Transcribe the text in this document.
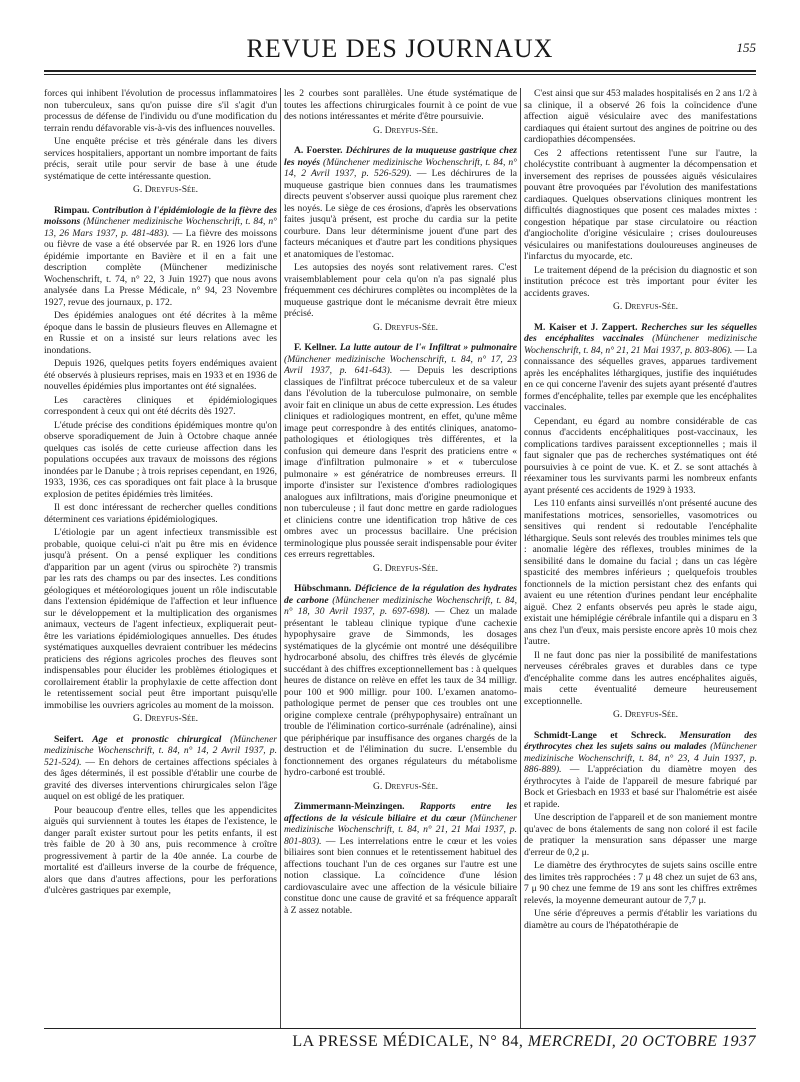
REVUE DES JOURNAUX	155

forces qui inhibent l'évolution de processus inflammatoires non tuberculeux, sans qu'on puisse dire s'il s'agit d'un processus de défense de l'individu ou d'une modification du terrain rendu défavorable vis-à-vis des influences nouvelles.

Une enquête précise et très générale dans les divers services hospitaliers, apportant un nombre important de faits précis, serait utile pour servir de base à une étude systématique de cette intéressante question.

G. Dreyfus-Sée.

Rimpau. Contribution à l'épidémiologie de la fièvre des moissons (Münchener medizinische Wochenschrift, t. 84, n° 13, 26 Mars 1937, p. 481-483). — La fièvre des moissons ou fièvre de vase a été observée par R. en 1926 lors d'une épidémie importante en Bavière et il en a fait une description complète (Münchener medizinische Wochenschrift, t. 74, n° 22, 3 Juin 1927) que nous avons analysée dans La Presse Médicale, n° 94, 23 Novembre 1927, revue des journaux, p. 172.

Des épidémies analogues ont été décrites à la même époque dans le bassin de plusieurs fleuves en Allemagne et en Russie et on a insisté sur leurs relations avec les inondations.

Depuis 1926, quelques petits foyers endémiques avaient été observés à plusieurs reprises, mais en 1933 et en 1936 de nouvelles épidémies plus importantes ont été signalées.

Les caractères cliniques et épidémiologiques correspondent à ceux qui ont été décrits dès 1927.

L'étude précise des conditions épidémiques montre qu'on observe sporadiquement de Juin à Octobre chaque année quelques cas isolés de cette curieuse affection dans les populations occupées aux travaux de moissons des régions inondées par le Danube ; à trois reprises cependant, en 1926, 1933, 1936, ces cas sporadiques ont fait place à la brusque explosion de petites épidémies très limitées.

Il est donc intéressant de rechercher quelles conditions déterminent ces variations épidémiologiques.

L'étiologie par un agent infectieux transmissible est probable, quoique celui-ci n'ait pu être mis en évidence jusqu'à présent. On a pensé expliquer les conditions d'apparition par un agent (virus ou spirochète ?) transmis par les rats des champs ou par des insectes. Les conditions géologiques et météorologiques jouent un rôle indiscutable dans l'extension épidémique de l'affection et leur influence sur le développement et la multiplication des organismes animaux, vecteurs de l'agent infectieux, expliquerait peut-être les variations épidémiologiques annuelles. Des études systématiques auxquelles devraient contribuer les médecins praticiens des régions agricoles proches des fleuves sont indispensables pour élucider les problèmes étiologiques et corollairement établir la prophylaxie de cette affection dont le retentissement social peut être important puisqu'elle immobilise les ouvriers agricoles au moment de la moisson.

G. Dreyfus-Sée.

Seifert. Age et pronostic chirurgical (Münchener medizinische Wochenschrift, t. 84, n° 14, 2 Avril 1937, p. 521-524). — En dehors de certaines affections spéciales à des âges déterminés, il est possible d'établir une courbe de gravité des diverses interventions chirurgicales selon l'âge auquel on est obligé de les pratiquer.

Pour beaucoup d'entre elles, telles que les appendicites aiguës qui surviennent à toutes les étapes de l'existence, le danger paraît exister surtout pour les petits enfants, il est très faible de 20 à 30 ans, puis recommence à croître progressivement à partir de la 40e année. La courbe de mortalité est d'ailleurs inverse de la courbe de fréquence, alors que dans d'autres affections, pour les perforations d'ulcères gastriques par exemple,

les 2 courbes sont parallèles. Une étude systématique de toutes les affections chirurgicales fournit à ce point de vue des notions intéressantes et mérite d'être poursuivie.

G. Dreyfus-Sée.

A. Foerster. Déchirures de la muqueuse gastrique chez les noyés (Münchener medizinische Wochenschrift, t. 84, n° 14, 2 Avril 1937, p. 526-529). — Les déchirures de la muqueuse gastrique bien connues dans les traumatismes directs peuvent s'observer aussi quoique plus rarement chez les noyés. Le siège de ces érosions, d'après les observations faites jusqu'à présent, est proche du cardia sur la petite courbure. Dans leur déterminisme jouent d'une part des facteurs mécaniques et d'autre part les conditions physiques et anatomiques de l'estomac.

Les autopsies des noyés sont relativement rares. C'est vraisemblablement pour cela qu'on n'a pas signalé plus fréquemment ces déchirures complètes ou incomplètes de la muqueuse gastrique dont le mécanisme devrait être mieux précisé.

G. Dreyfus-Sée.

F. Kellner. La lutte autour de l'« Infiltrat » pulmonaire (Münchener medizinische Wochenschrift, t. 84, n° 17, 23 Avril 1937, p. 641-643). — Depuis les descriptions classiques de l'infiltrat précoce tuberculeux et de sa valeur dans l'évolution de la tuberculose pulmonaire, on semble avoir fait en clinique un abus de cette expression. Les études cliniques et radiologiques montrent, en effet, qu'une même image peut correspondre à des entités cliniques, anatomo-pathologiques et étiologiques très différentes, et la confusion qui demeure dans l'esprit des praticiens entre « image d'infiltration pulmonaire » et « tuberculose pulmonaire » est génératrice de nombreuses erreurs. Il importe d'insister sur l'existence d'ombres radiologiques analogues aux infiltrations, mais d'origine pneumonique et non tuberculeuse ; il faut donc mettre en garde radiologues et cliniciens contre une identification trop hâtive de ces ombres avec un processus bacillaire. Une précision terminologique plus poussée serait indispensable pour éviter ces erreurs regrettables.

G. Dreyfus-Sée.

Hübschmann. Déficience de la régulation des hydrates de carbone (Münchener medizinische Wochenschrift, t. 84, n° 18, 30 Avril 1937, p. 697-698). — Chez un malade présentant le tableau clinique typique d'une cachexie hypophysaire grave de Simmonds, les dosages systématiques de la glycémie ont montré une déséquilibre hydrocarboné absolu, des chiffres très élevés de glycémie succédant à des chiffres exceptionnellement bas : à quelques heures de distance on relève en effet les taux de 34 milligr. pour 100 et 900 milligr. pour 100. L'examen anatomo-pathologique permet de penser que ces troubles ont une origine complexe centrale (préhypophysaire) entraînant un trouble de l'élimination cortico-surrénale (adrénaline), ainsi que périphérique par insuffisance des organes chargés de la destruction et de l'élimination du sucre. L'ensemble du fonctionnement des organes régulateurs du métabolisme hydro-carboné est troublé.

G. Dreyfus-Sée.

Zimmermann-Meinzingen. Rapports entre les affections de la vésicule biliaire et du cœur (Münchener medizinische Wochenschrift, t. 84, n° 21, 21 Mai 1937, p. 801-803). — Les interrelations entre le cœur et les voies biliaires sont bien connues et le retentissement habituel des affections touchant l'un de ces organes sur l'autre est une notion classique. La coïncidence d'une lésion cardiovasculaire avec une affection de la vésicule biliaire constitue donc une cause de gravité et sa fréquence apparaît à Z assez notable.

C'est ainsi que sur 453 malades hospitalisés en 2 ans 1/2 à sa clinique, il a observé 26 fois la coïncidence d'une affection aiguë vésiculaire avec des manifestations cardiaques qui étaient surtout des angines de poitrine ou des cardiopathies décompensées.

Ces 2 affections retentissent l'une sur l'autre, la cholécystite contribuant à augmenter la décompensation et inversement des reprises de poussées aiguës vésiculaires pouvant être provoquées par l'évolution des manifestations cardiaques. Quelques observations cliniques montrent les difficultés diagnostiques que posent ces malades mixtes : congestion hépatique par stase circulatoire ou réaction d'angiocholite d'origine vésiculaire ; crises douloureuses vésiculaires ou manifestations douloureuses angineuses de l'infarctus du myocarde, etc.

Le traitement dépend de la précision du diagnostic et son institution précoce est très important pour éviter les accidents graves.

G. Dreyfus-Sée.

M. Kaiser et J. Zappert. Recherches sur les séquelles des encéphalites vaccinales (Münchener medizinische Wochenschrift, t. 84, n° 21, 21 Mai 1937, p. 803-806). — La connaissance des séquelles graves, apparues tardivement après les encéphalites léthargiques, justifie des inquiétudes en ce qui concerne l'avenir des sujets ayant présenté d'autres formes d'encéphalite, telles par exemple que les encéphalites vaccinales.

Cependant, eu égard au nombre considérable de cas connus d'accidents encéphalitiques post-vaccinaux, les complications tardives paraissent exceptionnelles ; mais il faut signaler que pas de recherches systématiques ont été poursuivies à ce point de vue. K. et Z. se sont attachés à réexaminer tous les survivants parmi les nombreux enfants ayant présenté ces accidents de 1929 à 1933.

Les 110 enfants ainsi surveillés n'ont présenté aucune des manifestations motrices, sensorielles, vasomotrices ou sensitives qui rendent si redoutable l'encéphalite léthargique. Seuls sont relevés des troubles minimes tels que : anomalie légère des réflexes, troubles minimes de la sensibilité dans le domaine du facial ; dans un cas légère spasticité des membres inférieurs ; quelquefois troubles fonctionnels de la miction persistant chez des enfants qui avaient eu une rétention d'urines pendant leur encéphalite aiguë. Chez 2 enfants observés peu après le stade aigu, existait une hémiplégie cérébrale infantile qui a disparu en 3 ans chez l'un d'eux, mais persiste encore après 10 mois chez l'autre.

Il ne faut donc pas nier la possibilité de manifestations nerveuses cérébrales graves et durables dans ce type d'encéphalite comme dans les autres encéphalites aiguës, mais cette éventualité demeure heureusement exceptionnelle.

G. Dreyfus-Sée.

Schmidt-Lange et Schreck. Mensuration des érythrocytes chez les sujets sains ou malades (Münchener medizinische Wochenschrift, t. 84, n° 23, 4 Juin 1937, p. 886-889). — L'appréciation du diamètre moyen des érythrocytes à l'aide de l'appareil de mesure fabriqué par Bock et Griesbach en 1933 et basé sur l'halométrie est aisée et rapide.

Une description de l'appareil et de son maniement montre qu'avec de bons étalements de sang non coloré il est facile de pratiquer la mensuration sans dépasser une marge d'erreur de 0,2 μ.

Le diamètre des érythrocytes de sujets sains oscille entre des limites très rapprochées : 7 μ 48 chez un sujet de 63 ans, 7 μ 90 chez une femme de 19 ans sont les chiffres extrêmes relevés, la moyenne demeurant autour de 7,7 μ.

Une série d'épreuves a permis d'établir les variations du diamètre au cours de l'hépatothérapie de

LA PRESSE MÉDICALE, N° 84, MERCREDI, 20 OCTOBRE 1937
